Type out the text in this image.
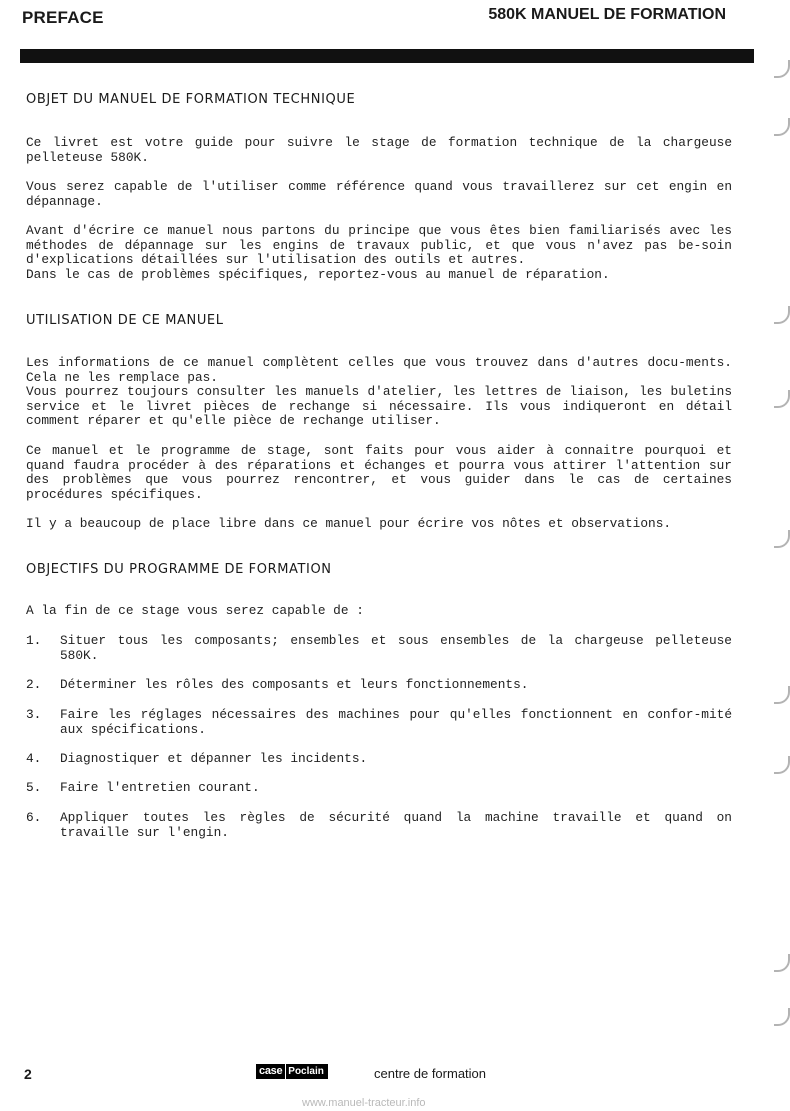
PREFACE	580K MANUEL DE FORMATION
OBJET DU MANUEL DE FORMATION TECHNIQUE

Ce livret est votre guide pour suivre le stage de formation technique de la chargeuse pelleteuse 580K.

Vous serez capable de l'utiliser comme référence quand vous travaillerez sur cet engin en dépannage.

Avant d'écrire ce manuel nous partons du principe que vous êtes bien familiarisés avec les méthodes de dépannage sur les engins de travaux public, et que vous n'avez pas be-soin d'explications détaillées sur l'utilisation des outils et autres.

Dans le cas de problèmes spécifiques, reportez-vous au manuel de réparation.

UTILISATION DE CE MANUEL

Les informations de ce manuel complètent celles que vous trouvez dans d'autres docu-ments. Cela ne les remplace pas.

Vous pourrez toujours consulter les manuels d'atelier, les lettres de liaison, les buletins service et le livret pièces de rechange si nécessaire. Ils vous indiqueront en détail comment réparer et qu'elle pièce de rechange utiliser.

Ce manuel et le programme de stage, sont faits pour vous aider à connaitre pourquoi et quand faudra procéder à des réparations et échanges et pourra vous attirer l'attention sur des problèmes que vous pourrez rencontrer, et vous guider dans le cas de certaines procédures spécifiques.

Il y a beaucoup de place libre dans ce manuel pour écrire vos nôtes et observations.

OBJECTIFS DU PROGRAMME DE FORMATION

A la fin de ce stage vous serez capable de :

1. Situer tous les composants; ensembles et sous ensembles de la chargeuse pelleteuse 580K.

2. Déterminer les rôles des composants et leurs fonctionnements.

3. Faire les réglages nécessaires des machines pour qu'elles fonctionnent en confor-mité aux spécifications.

4. Diagnostiquer et dépanner les incidents.

5. Faire l'entretien courant.

6. Appliquer toutes les règles de sécurité quand la machine travaille et quand on travaille sur l'engin.

2	case Poclain	centre de formation
www.manuel-tracteur.info
